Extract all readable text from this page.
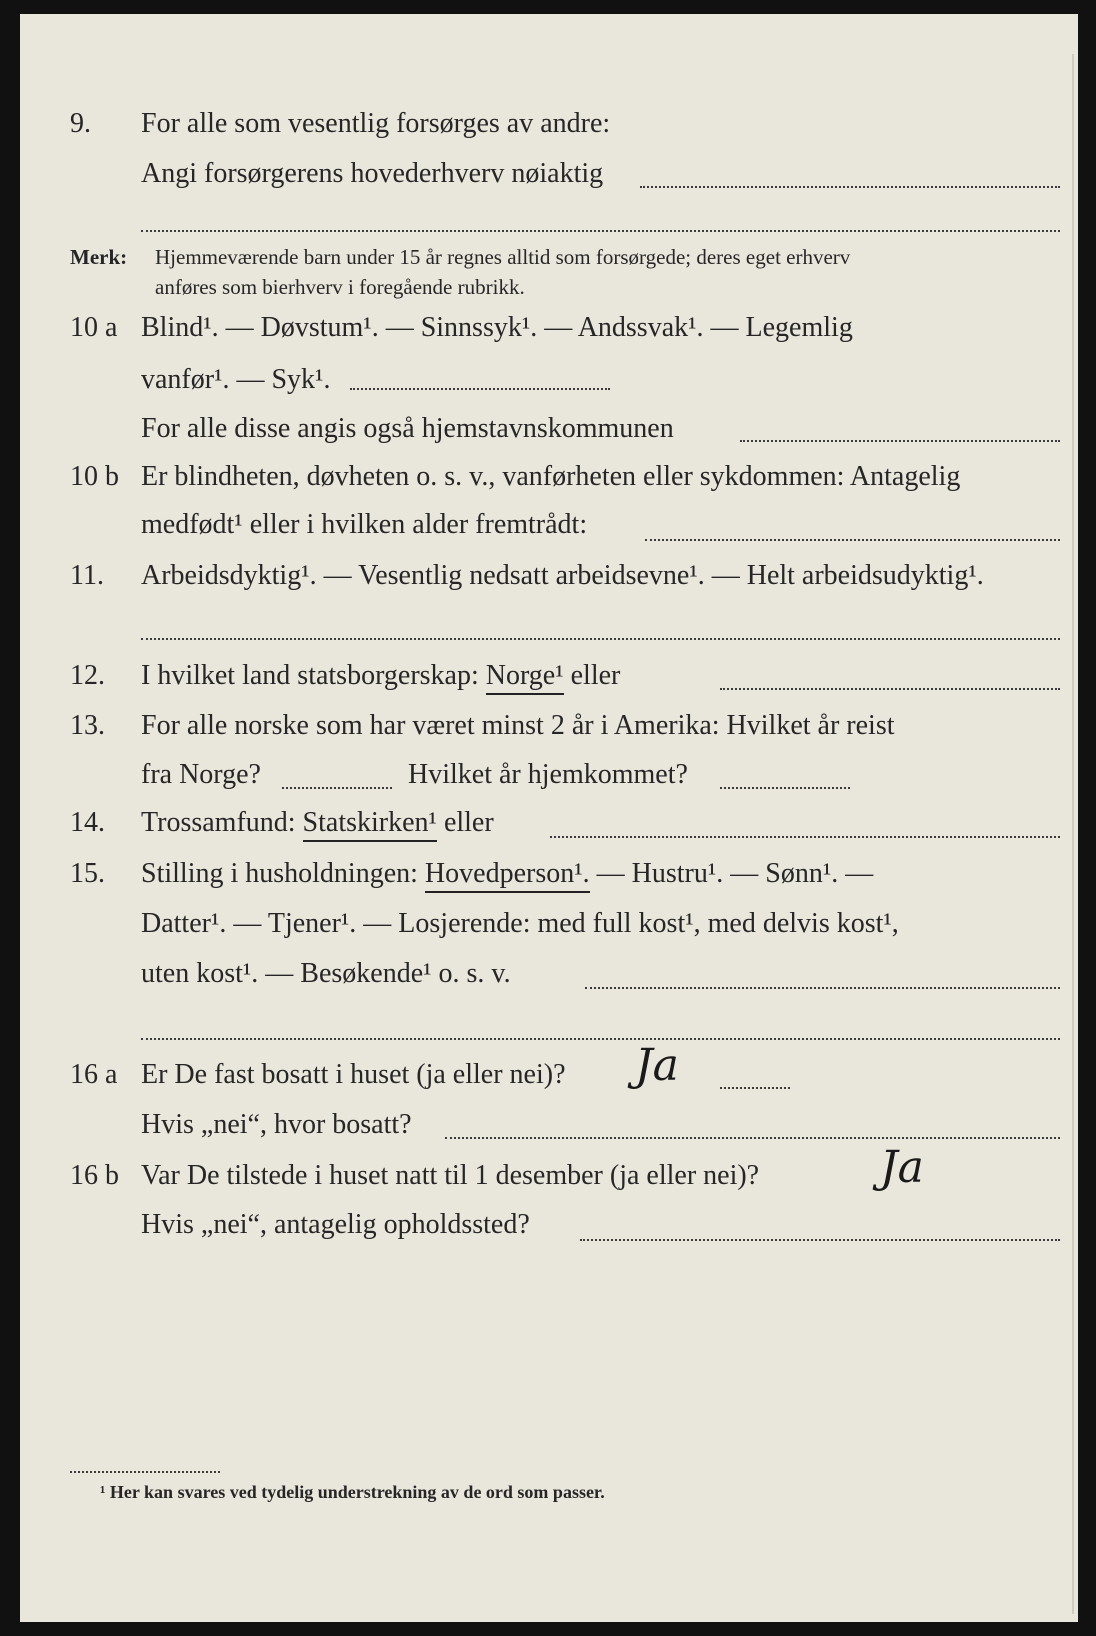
9. For alle som vesentlig forsørges av andre:
Angi forsørgerens hovederhverv nøiaktig
Merk: Hjemmeværende barn under 15 år regnes alltid som forsørgede; deres eget erhverv
anføres som bierhverv i foregående rubrikk.
10 a Blind¹. — Døvstum¹. — Sinnssyk¹. — Andssvak¹. — Legemlig
vanfør¹. — Syk¹.
For alle disse angis også hjemstavnskommunen
10 b Er blindheten, døvheten o. s. v., vanførheten eller sykdommen: Antagelig
medfødt¹ eller i hvilken alder fremtrådt:
11. Arbeidsdyktig¹. — Vesentlig nedsatt arbeidsevne¹. — Helt arbeidsudyktig¹.
12. I hvilket land statsborgerskap: Norge¹ eller
13. For alle norske som har været minst 2 år i Amerika: Hvilket år reist
fra Norge?	Hvilket år hjemkommet?
14. Trossamfund: Statskirken¹ eller
15. Stilling i husholdningen: Hovedperson¹. — Hustru¹. — Sønn¹. —
Datter¹. — Tjener¹. — Losjerende: med full kost¹, med delvis kost¹,
uten kost¹. — Besøkende¹ o. s. v.
16 a Er De fast bosatt i huset (ja eller nei)? Ja
Hvis „nei“, hvor bosatt?
16 b Var De tilstede i huset natt til 1 desember (ja eller nei)?	Ja
Hvis „nei“, antagelig opholdssted?
¹ Her kan svares ved tydelig understrekning av de ord som passer.
